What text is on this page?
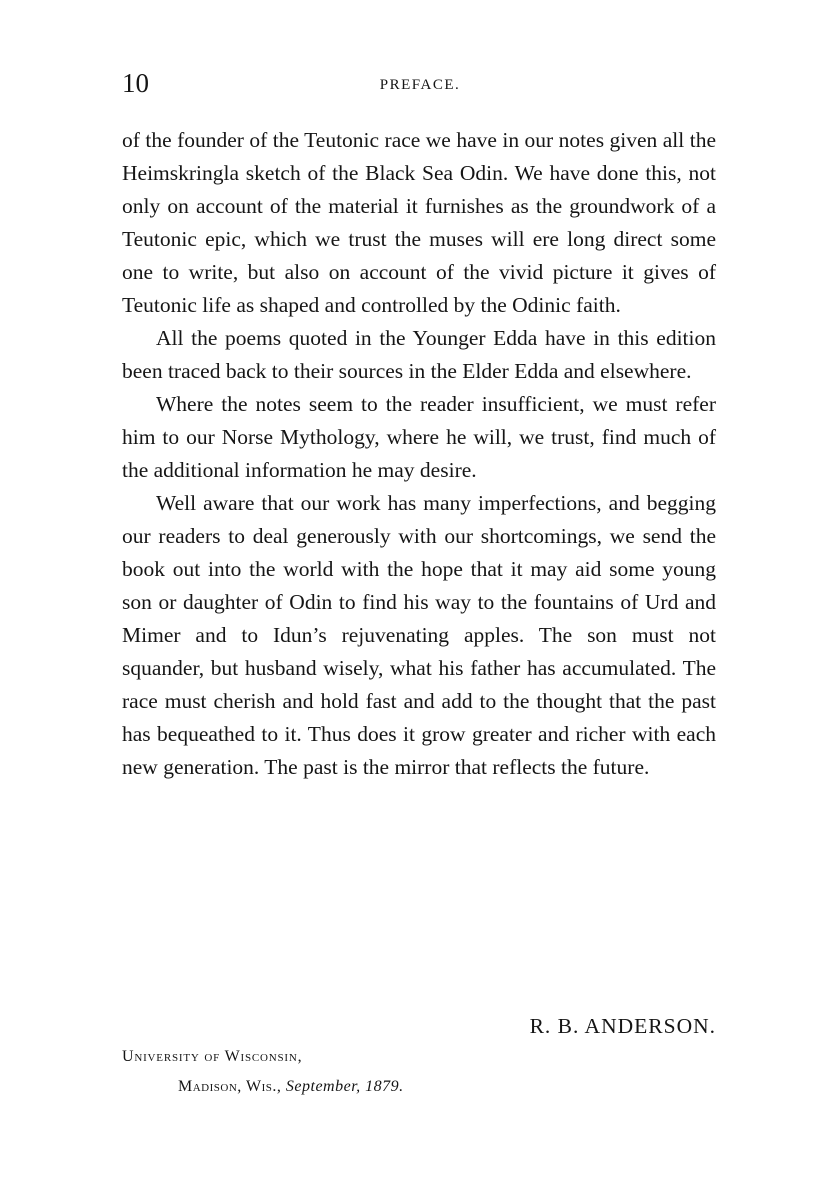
10	PREFACE.

of the founder of the Teutonic race we have in our notes given all the Heimskringla sketch of the Black Sea Odin. We have done this, not only on account of the material it furnishes as the groundwork of a Teutonic epic, which we trust the muses will ere long direct some one to write, but also on account of the vivid picture it gives of Teutonic life as shaped and controlled by the Odinic faith.

All the poems quoted in the Younger Edda have in this edition been traced back to their sources in the Elder Edda and elsewhere.

Where the notes seem to the reader insufficient, we must refer him to our Norse Mythology, where he will, we trust, find much of the additional information he may desire.

Well aware that our work has many imperfections, and begging our readers to deal generously with our shortcomings, we send the book out into the world with the hope that it may aid some young son or daughter of Odin to find his way to the fountains of Urd and Mimer and to Idun’s rejuvenating apples. The son must not squander, but husband wisely, what his father has accumulated. The race must cherish and hold fast and add to the thought that the past has bequeathed to it. Thus does it grow greater and richer with each new generation. The past is the mirror that reflects the future.

R. B. ANDERSON.
University of Wisconsin,
Madison, Wis., September, 1879.
